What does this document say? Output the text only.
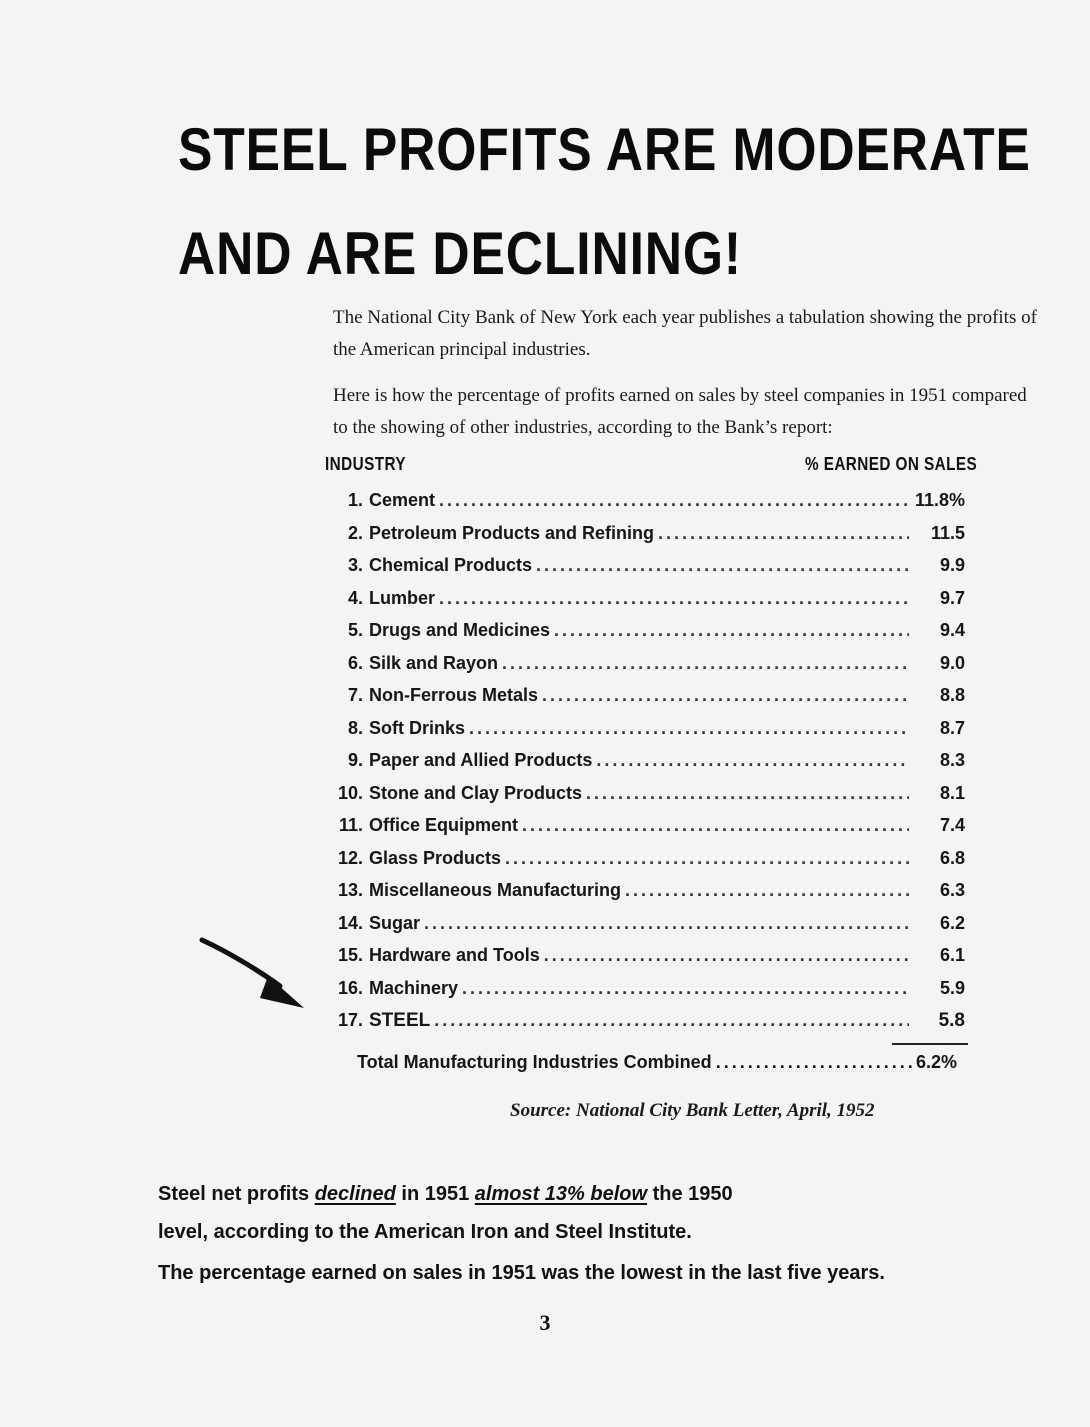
STEEL PROFITS ARE MODERATE
AND ARE DECLINING!
The National City Bank of New York each year publishes a tabulation showing the profits of the American principal industries.
Here is how the percentage of profits earned on sales by steel companies in 1951 compared to the showing of other industries, according to the Bank’s report:
INDUSTRY	% EARNED ON SALES
1. Cement .....	11.8%
2. Petroleum Products and Refining .....	11.5
3. Chemical Products .....	9.9
4. Lumber .....	9.7
5. Drugs and Medicines .....	9.4
6. Silk and Rayon .....	9.0
7. Non-Ferrous Metals .....	8.8
8. Soft Drinks .....	8.7
9. Paper and Allied Products .....	8.3
10. Stone and Clay Products .....	8.1
11. Office Equipment .....	7.4
12. Glass Products .....	6.8
13. Miscellaneous Manufacturing .....	6.3
14. Sugar .....	6.2
15. Hardware and Tools .....	6.1
16. Machinery .....	5.9
17. STEEL .....	5.8
Total Manufacturing Industries Combined .....	6.2%
Source: National City Bank Letter, April, 1952
Steel net profits declined in 1951 almost 13% below the 1950
level, according to the American Iron and Steel Institute.
The percentage earned on sales in 1951 was the lowest in the last five years.
3
